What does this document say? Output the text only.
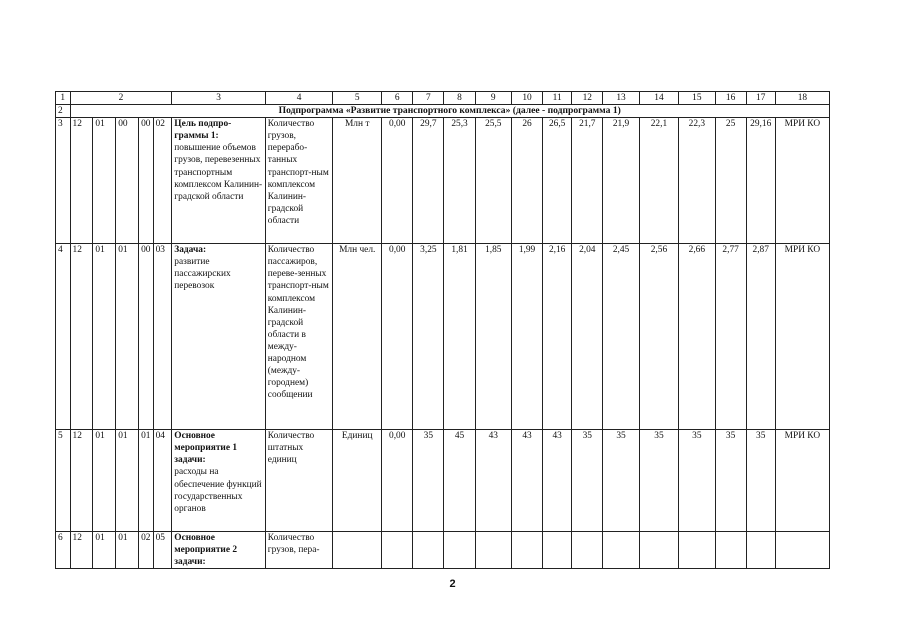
1	2					3	4	5	6	7	8	9	10	11	12	13	14	15	16	17	18
2	Подпрограмма «Развитие транспортного комплекса» (далее - подпрограмма 1)																				
3	12	01	00	00	02	Цель подпро-граммы 1:
повышение объемов грузов, перевезенных транспортным комплексом Калинин-градской области	Количество грузов, перерабо-танных транспорт-ным комплексом Калинин-градской области	Млн т	0,00	29,7	25,3	25,5	26	26,5	21,7	21,9	22,1	22,3	25	29,16	МРИ КО
4	12	01	01	00	03	Задача:
развитие пассажирских перевозок	Количество пассажиров, переве-зенных транспорт-ным комплексом Калинин-градской области в между-народном (между-городнем) сообщении	Млн чел.	0,00	3,25	1,81	1,85	1,99	2,16	2,04	2,45	2,56	2,66	2,77	2,87	МРИ КО
5	12	01	01	01	04	Основное мероприятие 1 задачи:
расходы на обеспечение функций государственных органов	Количество штатных единиц	Единиц	0,00	35	45	43	43	43	35	35	35	35	35	35	МРИ КО
6	12	01	01	02	05	Основное мероприятие 2 задачи:	Количество грузов, пера-														
2
